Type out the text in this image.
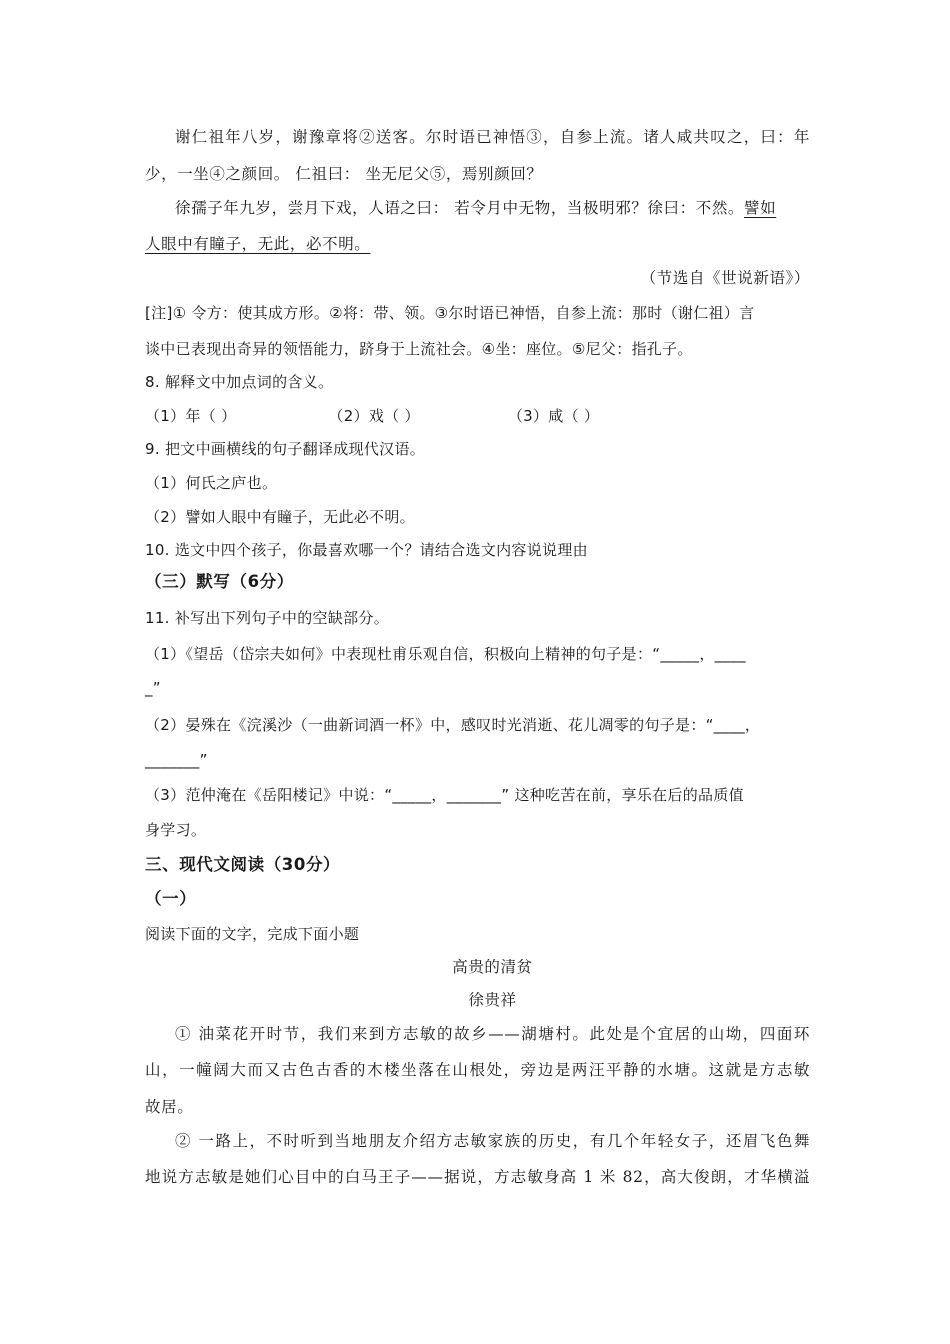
谢仁祖年八岁，谢豫章将②送客。尔时语已神悟③，自参上流。诸人咸共叹之，曰：年
少，一坐④之颜回。 仁祖曰： 坐无尼父⑤，焉别颜回？
徐孺子年九岁，尝月下戏，人语之曰： 若令月中无物，当极明邪？徐曰：不然。譬如
人眼中有瞳子，无此，必不明。
（节选自《世说新语》）
[注]① 令方：使其成方形。②将：带、领。③尔时语已神悟，自参上流：那时（谢仁祖）言
谈中已表现出奇异的领悟能力，跻身于上流社会。④坐：座位。⑤尼父：指孔子。
8. 解释文中加点词的含义。
（1）年（ ）	（2）戏（ ）	（3）咸（ ）
9. 把文中画横线的句子翻译成现代汉语。
（1）何氏之庐也。
（2）譬如人眼中有瞳子，无此必不明。
10. 选文中四个孩子，你最喜欢哪一个？请结合选文内容说说理由
（三）默写（6分）
11. 补写出下列句子中的空缺部分。
（1）《望岳（岱宗夫如何》中表现杜甫乐观自信，积极向上精神的句子是：“_____，____
_”
（2）晏殊在《浣溪沙（一曲新词酒一杯》中，感叹时光消逝、花儿凋零的句子是：“____，
_______”
（3）范仲淹在《岳阳楼记》中说：“_____，_______” 这种吃苦在前，享乐在后的品质值
身学习。
三、现代文阅读（30分）
（一）
阅读下面的文字，完成下面小题
高贵的清贫
徐贵祥
① 油菜花开时节，我们来到方志敏的故乡——湖塘村。此处是个宜居的山坳，四面环
山，一幢阔大而又古色古香的木楼坐落在山根处，旁边是两汪平静的水塘。这就是方志敏
故居。
② 一路上，不时听到当地朋友介绍方志敏家族的历史，有几个年轻女子，还眉飞色舞
地说方志敏是她们心目中的白马王子——据说，方志敏身高 1 米 82，高大俊朗，才华横溢
